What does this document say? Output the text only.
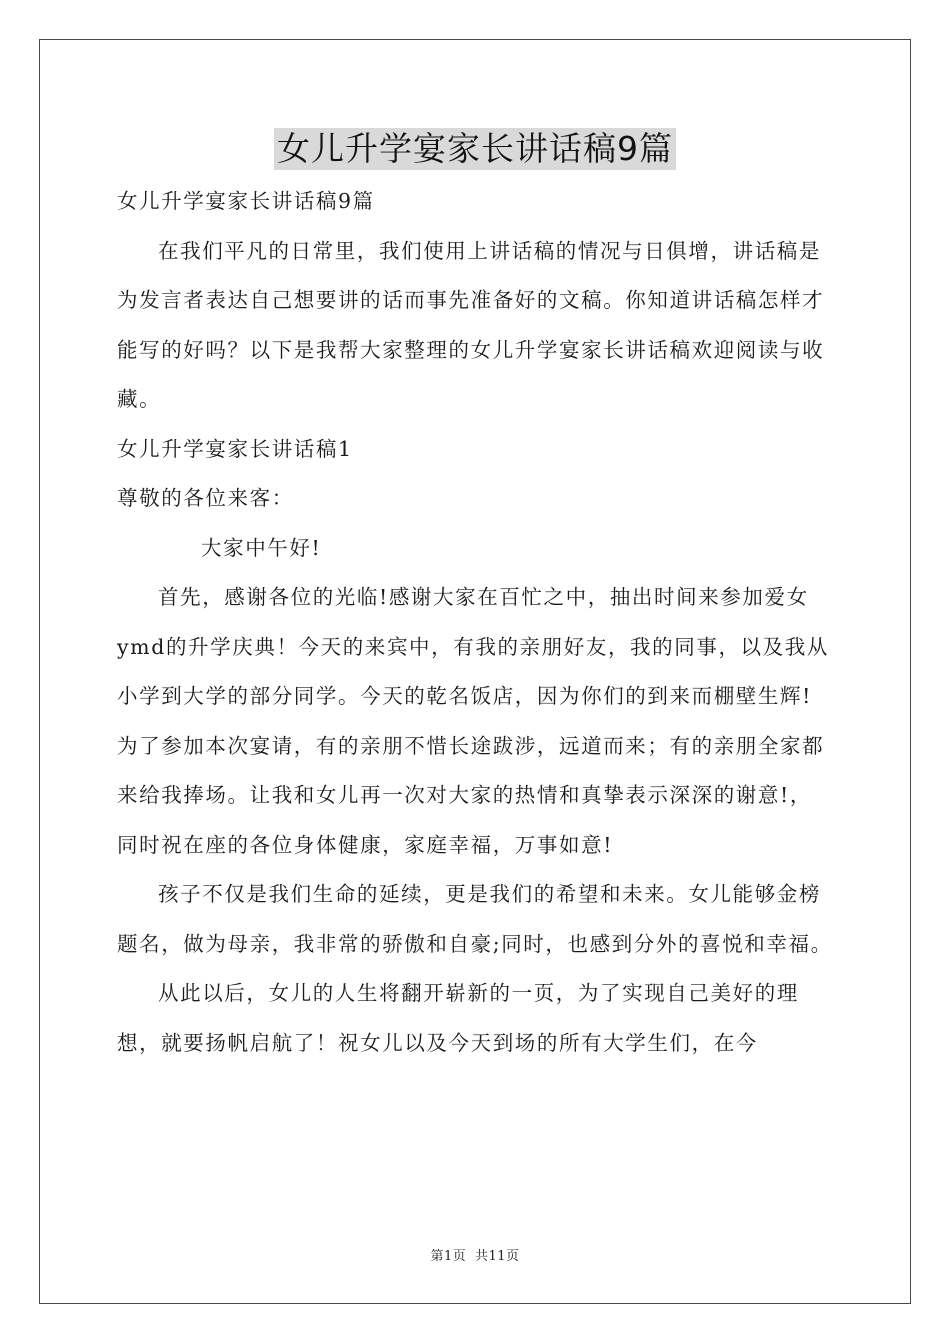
女儿升学宴家长讲话稿9篇

女儿升学宴家长讲话稿9篇

在我们平凡的日常里，我们使用上讲话稿的情况与日俱增，讲话稿是为发言者表达自己想要讲的话而事先准备好的文稿。你知道讲话稿怎样才能写的好吗？以下是我帮大家整理的女儿升学宴家长讲话稿欢迎阅读与收藏。

女儿升学宴家长讲话稿1

尊敬的各位来客：

大家中午好!

首先，感谢各位的光临!感谢大家在百忙之中，抽出时间来参加爱女ymd的升学庆典！今天的来宾中，有我的亲朋好友，我的同事，以及我从小学到大学的部分同学。今天的乾名饭店，因为你们的到来而棚壁生辉!为了参加本次宴请，有的亲朋不惜长途跋涉，远道而来；有的亲朋全家都来给我捧场。让我和女儿再一次对大家的热情和真挚表示深深的谢意!，同时祝在座的各位身体健康，家庭幸福，万事如意!

孩子不仅是我们生命的延续，更是我们的希望和未来。女儿能够金榜题名，做为母亲，我非常的骄傲和自豪;同时，也感到分外的喜悦和幸福。

从此以后，女儿的人生将翻开崭新的一页，为了实现自己美好的理想，就要扬帆启航了！祝女儿以及今天到场的所有大学生们，在今

第1页 共11页
